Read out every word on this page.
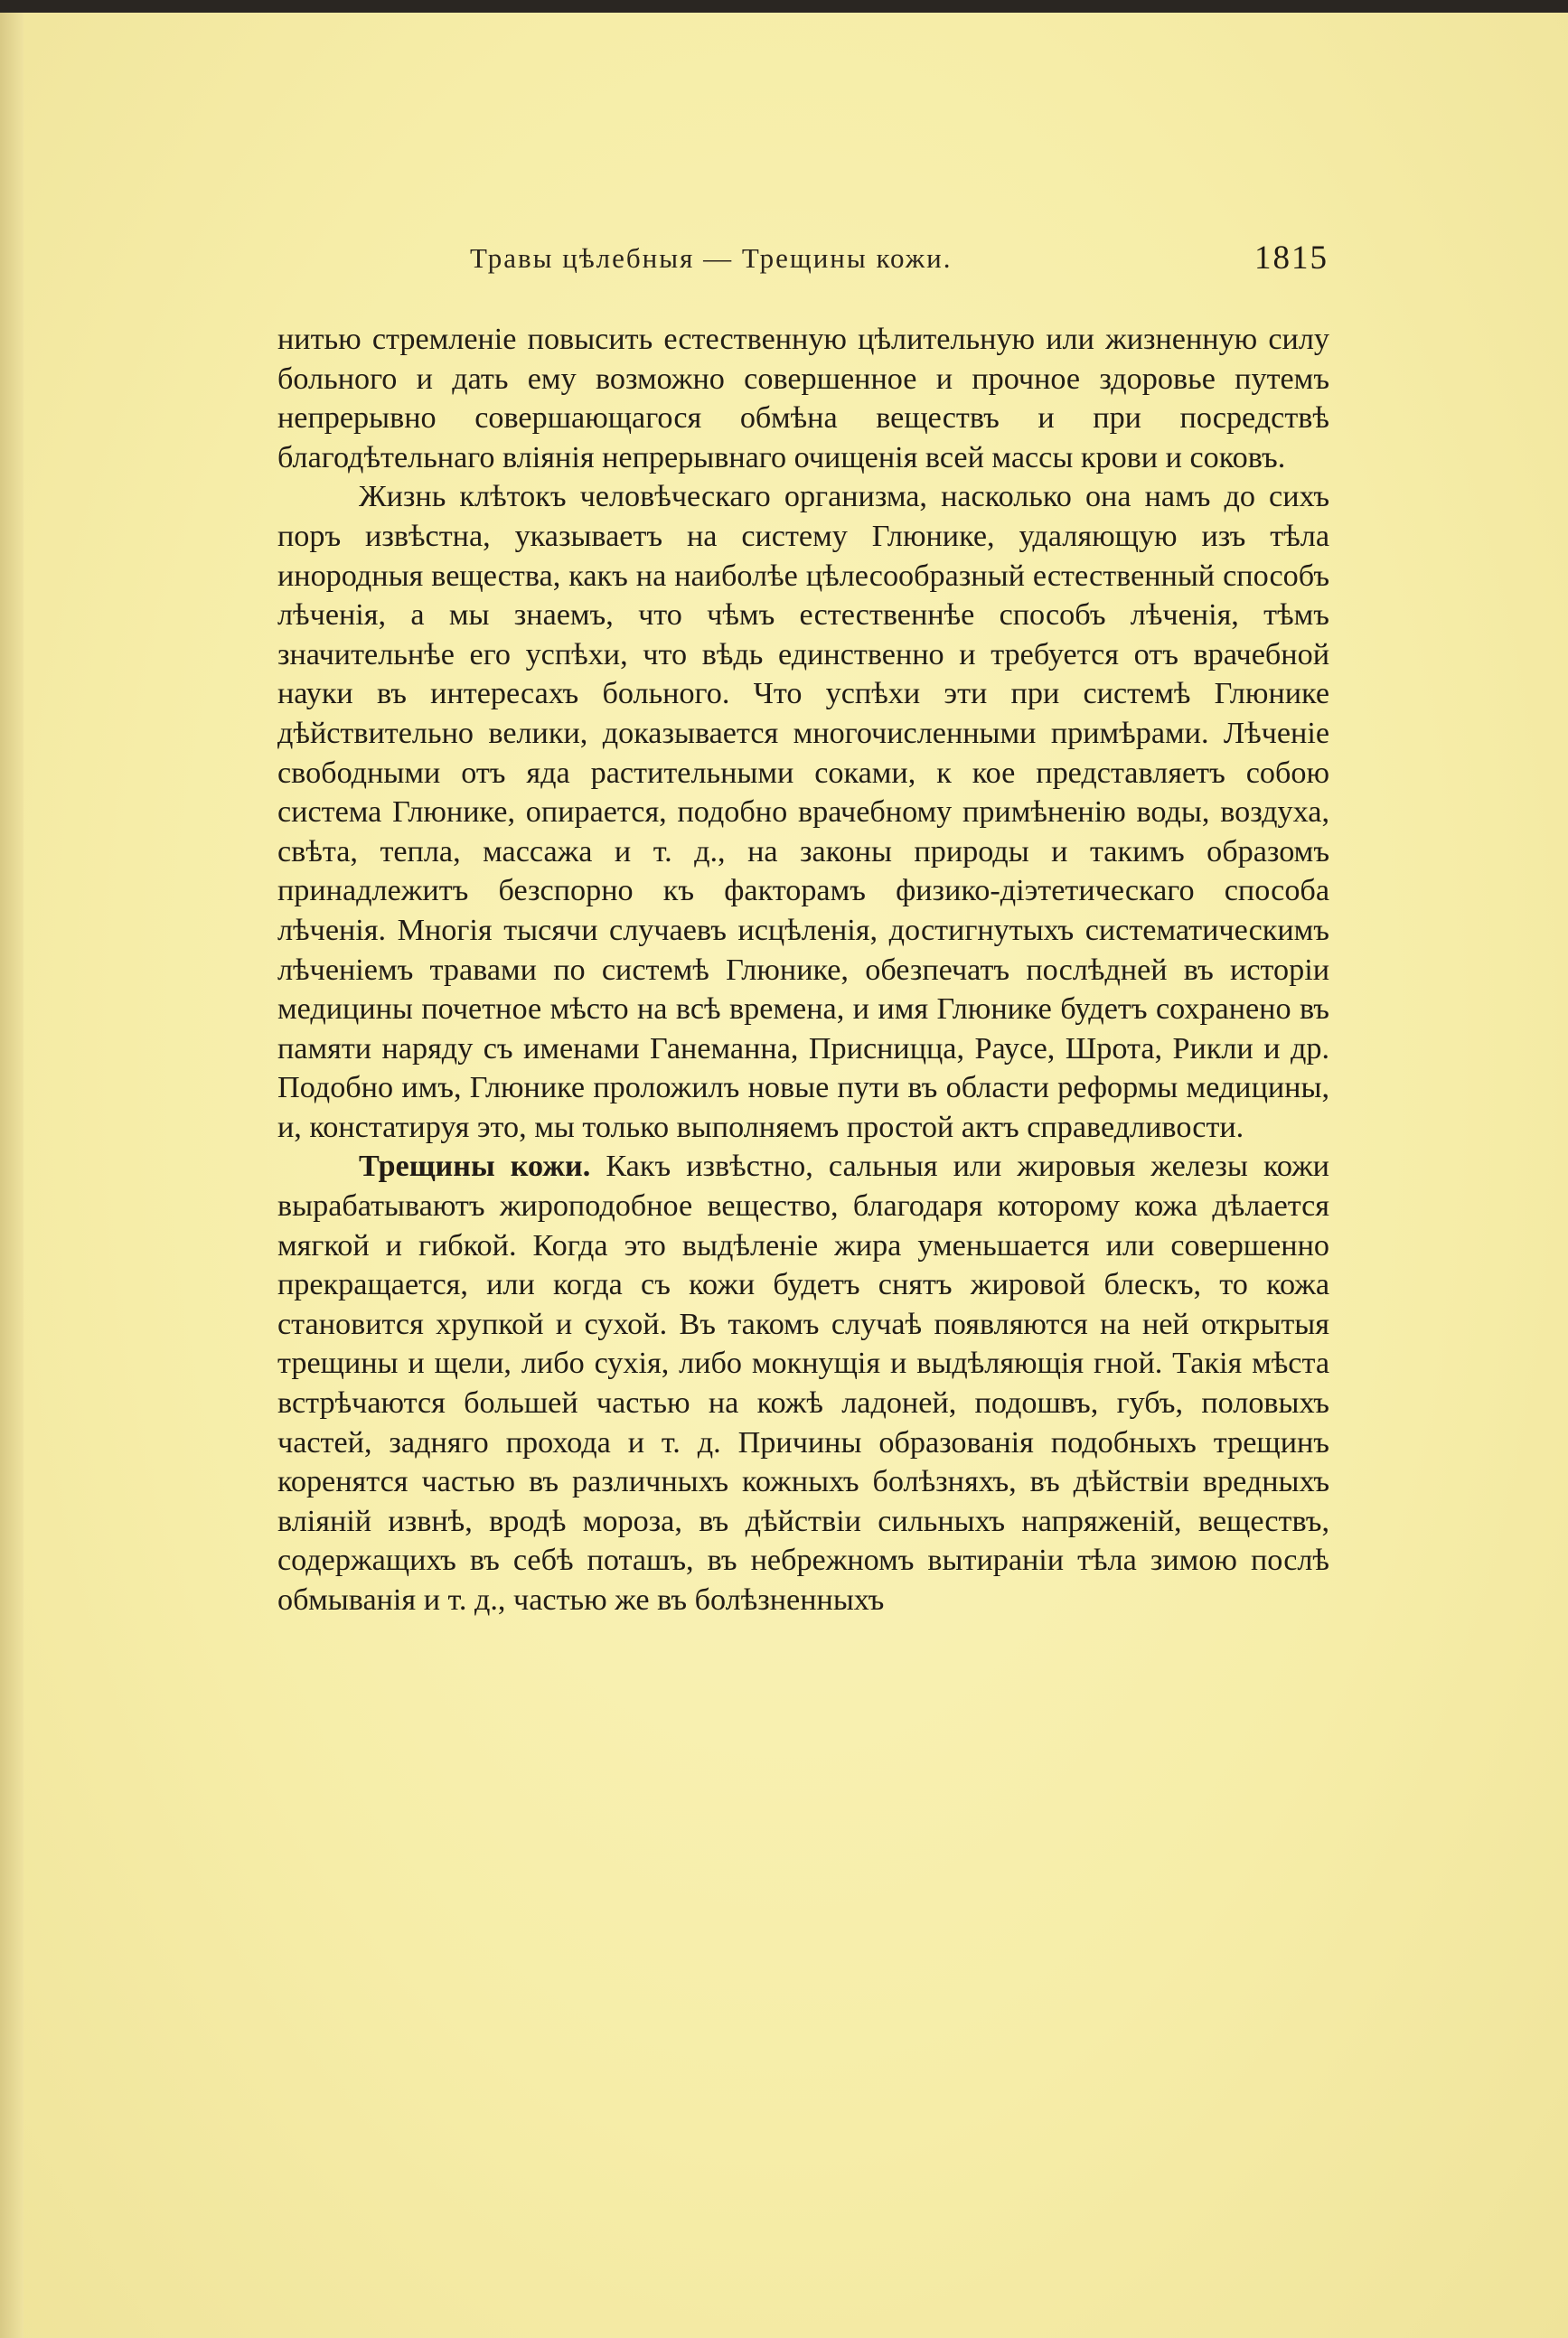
Травы цѣлебныя — Трещины кожи.	1815

нитью стремленіе повысить естественную цѣлительную или жизненную силу больного и дать ему возможно совершенное и прочное здоровье путемъ непрерывно совершающагося обмѣна веществъ и при посредствѣ благодѣтельнаго вліянія непрерывнаго очищенія всей массы крови и соковъ.

Жизнь клѣтокъ человѣческаго организма, насколько она намъ до сихъ поръ извѣстна, указываетъ на систему Глюнике, удаляющую изъ тѣла инородныя вещества, какъ на наиболѣе цѣлесообразный естественный способъ лѣченія, а мы знаемъ, что чѣмъ естественнѣе способъ лѣченія, тѣмъ значительнѣе его успѣхи, что вѣдь единственно и требуется отъ врачебной науки въ интересахъ больного. Что успѣхи эти при системѣ Глюнике дѣйствительно велики, доказывается многочисленными примѣрами. Лѣченіе свободными отъ яда растительными соками, к кое представляетъ собою система Глюнике, опирается, подобно врачебному примѣненію воды, воздуха, свѣта, тепла, массажа и т. д., на законы природы и такимъ образомъ принадлежитъ безспорно къ факторамъ физико-діэтетическаго способа лѣченія. Многія тысячи случаевъ исцѣленія, достигнутыхъ систематическимъ лѣченіемъ травами по системѣ Глюнике, обезпечатъ послѣдней въ исторіи медицины почетное мѣсто на всѣ времена, и имя Глюнике будетъ сохранено въ памяти наряду съ именами Ганеманна, Присницца, Раусе, Шрота, Рикли и др. Подобно имъ, Глюнике проложилъ новые пути въ области реформы медицины, и, констатируя это, мы только выполняемъ простой актъ справедливости.

Трещины кожи. Какъ извѣстно, сальныя или жировыя железы кожи вырабатываютъ жироподобное вещество, благодаря которому кожа дѣлается мягкой и гибкой. Когда это выдѣленіе жира уменьшается или совершенно прекращается, или когда съ кожи будетъ снятъ жировой блескъ, то кожа становится хрупкой и сухой. Въ такомъ случаѣ появляются на ней открытыя трещины и щели, либо сухія, либо мокнущія и выдѣляющія гной. Такія мѣста встрѣчаются большей частью на кожѣ ладоней, подошвъ, губъ, половыхъ частей, задняго прохода и т. д. Причины образованія подобныхъ трещинъ коренятся частью въ различныхъ кожныхъ болѣзняхъ, въ дѣйствіи вредныхъ вліяній извнѣ, вродѣ мороза, въ дѣйствіи сильныхъ напряженій, веществъ, содержащихъ въ себѣ поташъ, въ небрежномъ вытираніи тѣла зимою послѣ обмыванія и т. д., частью же въ болѣзненныхъ
